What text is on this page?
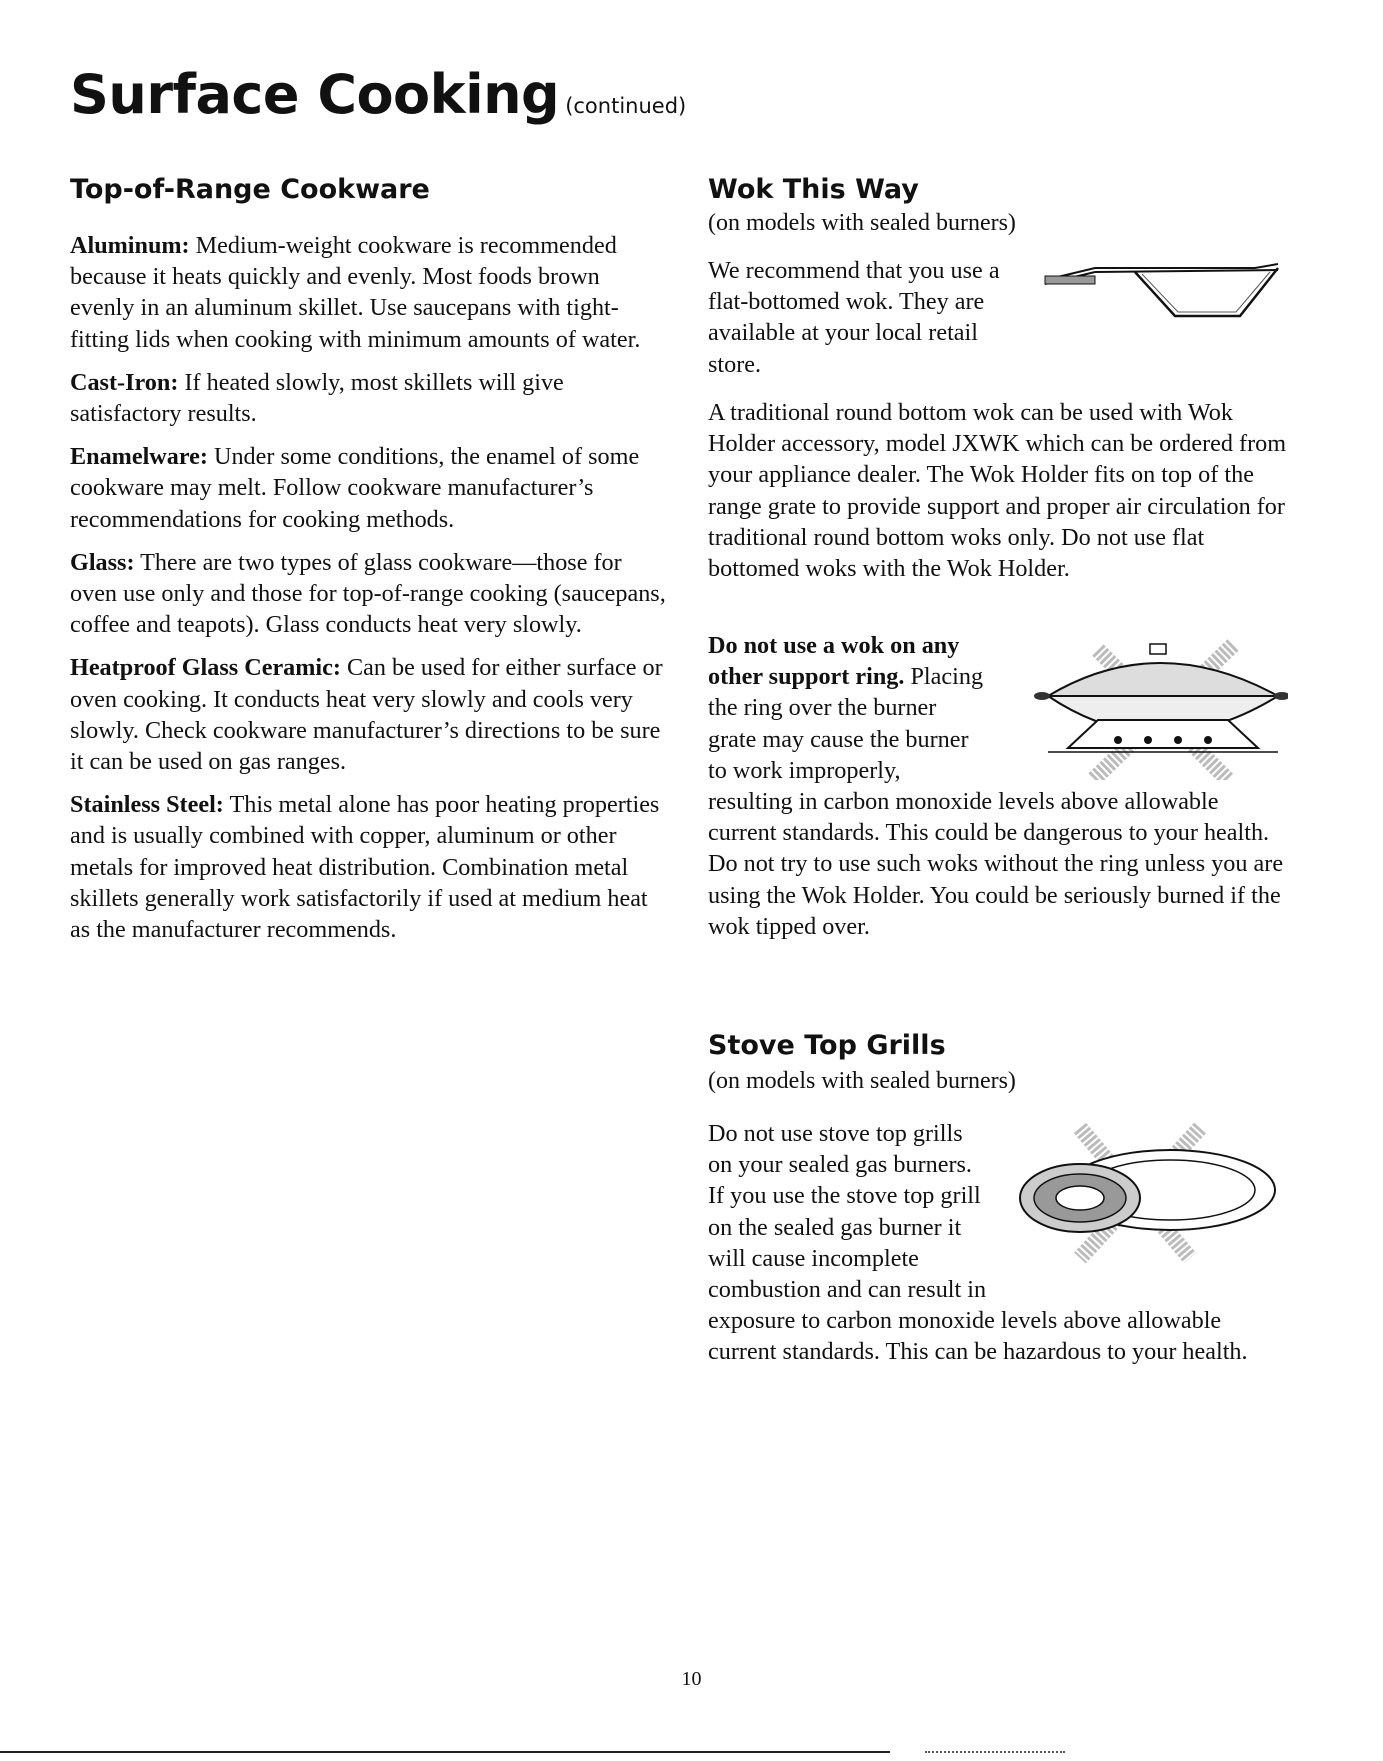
Surface Cooking (continued)
Top-of-Range Cookware

Aluminum: Medium-weight cookware is recommended because it heats quickly and evenly. Most foods brown evenly in an aluminum skillet. Use saucepans with tight-fitting lids when cooking with minimum amounts of water.

Cast-Iron: If heated slowly, most skillets will give satisfactory results.

Enamelware: Under some conditions, the enamel of some cookware may melt. Follow cookware manufacturer’s recommendations for cooking methods.

Glass: There are two types of glass cookware—those for oven use only and those for top-of-range cooking (saucepans, coffee and teapots). Glass conducts heat very slowly.

Heatproof Glass Ceramic: Can be used for either surface or oven cooking. It conducts heat very slowly and cools very slowly. Check cookware manufacturer’s directions to be sure it can be used on gas ranges.

Stainless Steel: This metal alone has poor heating properties and is usually combined with copper, aluminum or other metals for improved heat distribution. Combination metal skillets generally work satisfactorily if used at medium heat as the manufacturer recommends.

Wok This Way

(on models with sealed burners)

We recommend that you use a flat-bottomed wok. They are available at your local retail store.

A traditional round bottom wok can be used with Wok Holder accessory, model JXWK which can be ordered from your appliance dealer. The Wok Holder fits on top of the range grate to provide support and proper air circulation for traditional round bottom woks only. Do not use flat bottomed woks with the Wok Holder.

Do not use a wok on any other support ring. Placing the ring over the burner grate may cause the burner to work improperly, resulting in carbon monoxide levels above allowable current standards. This could be dangerous to your health. Do not try to use such woks without the ring unless you are using the Wok Holder. You could be seriously burned if the wok tipped over.

Stove Top Grills

(on models with sealed burners)

Do not use stove top grills on your sealed gas burners. If you use the stove top grill on the sealed gas burner it will cause incomplete combustion and can result in exposure to carbon monoxide levels above allowable current standards. This can be hazardous to your health.

10
